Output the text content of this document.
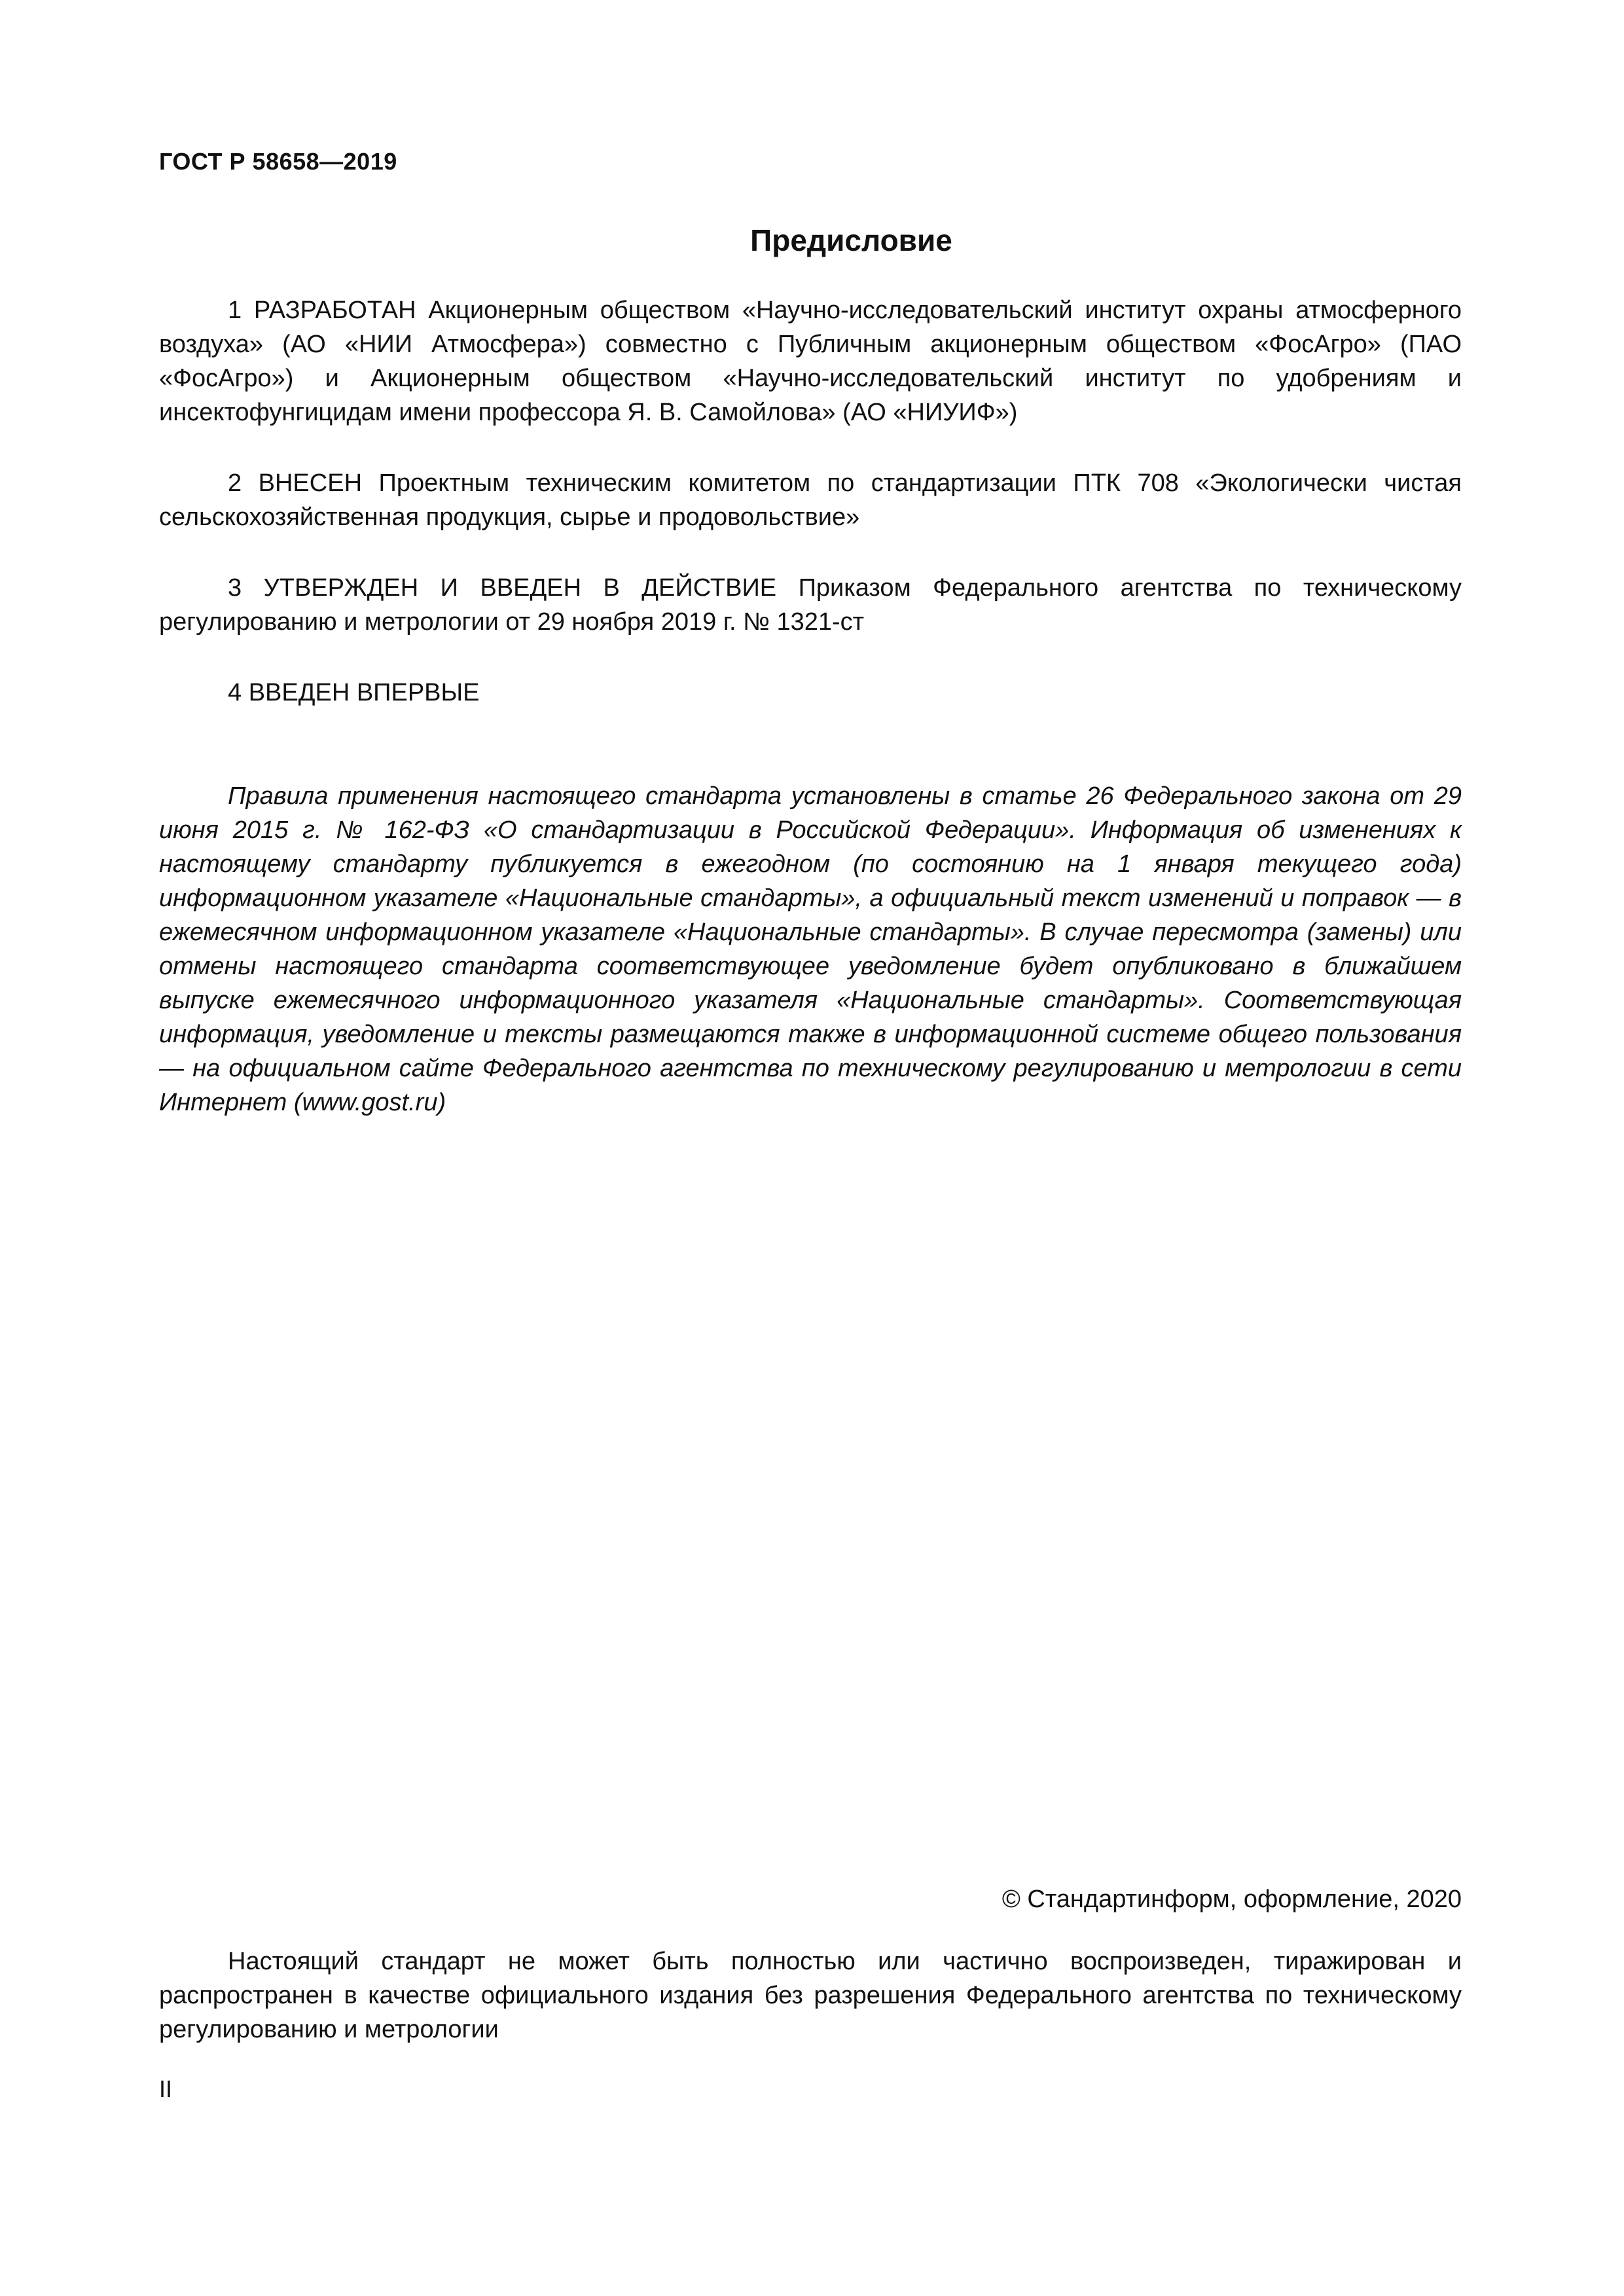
ГОСТ Р 58658—2019
Предисловие

1 РАЗРАБОТАН Акционерным обществом «Научно-исследовательский институт охраны атмосферного воздуха» (АО «НИИ Атмосфера») совместно с Публичным акционерным обществом «ФосАгро» (ПАО «ФосАгро») и Акционерным обществом «Научно-исследовательский институт по удобрениям и инсектофунгицидам имени профессора Я. В. Самойлова» (АО «НИУИФ»)

2 ВНЕСЕН Проектным техническим комитетом по стандартизации ПТК 708 «Экологически чистая сельскохозяйственная продукция, сырье и продовольствие»

3 УТВЕРЖДЕН И ВВЕДЕН В ДЕЙСТВИЕ Приказом Федерального агентства по техническому регулированию и метрологии от 29 ноября 2019 г. № 1321-ст

4 ВВЕДЕН ВПЕРВЫЕ

Правила применения настоящего стандарта установлены в статье 26 Федерального закона от 29 июня 2015 г. № 162-ФЗ «О стандартизации в Российской Федерации». Информация об изменениях к настоящему стандарту публикуется в ежегодном (по состоянию на 1 января текущего года) информационном указателе «Национальные стандарты», а официальный текст изменений и поправок — в ежемесячном информационном указателе «Национальные стандарты». В случае пересмотра (замены) или отмены настоящего стандарта соответствующее уведомление будет опубликовано в ближайшем выпуске ежемесячного информационного указателя «Национальные стандарты». Соответствующая информация, уведомление и тексты размещаются также в информационной системе общего пользования — на официальном сайте Федерального агентства по техническому регулированию и метрологии в сети Интернет (www.gost.ru)

© Стандартинформ, оформление, 2020

Настоящий стандарт не может быть полностью или частично воспроизведен, тиражирован и распространен в качестве официального издания без разрешения Федерального агентства по техническому регулированию и метрологии

II
